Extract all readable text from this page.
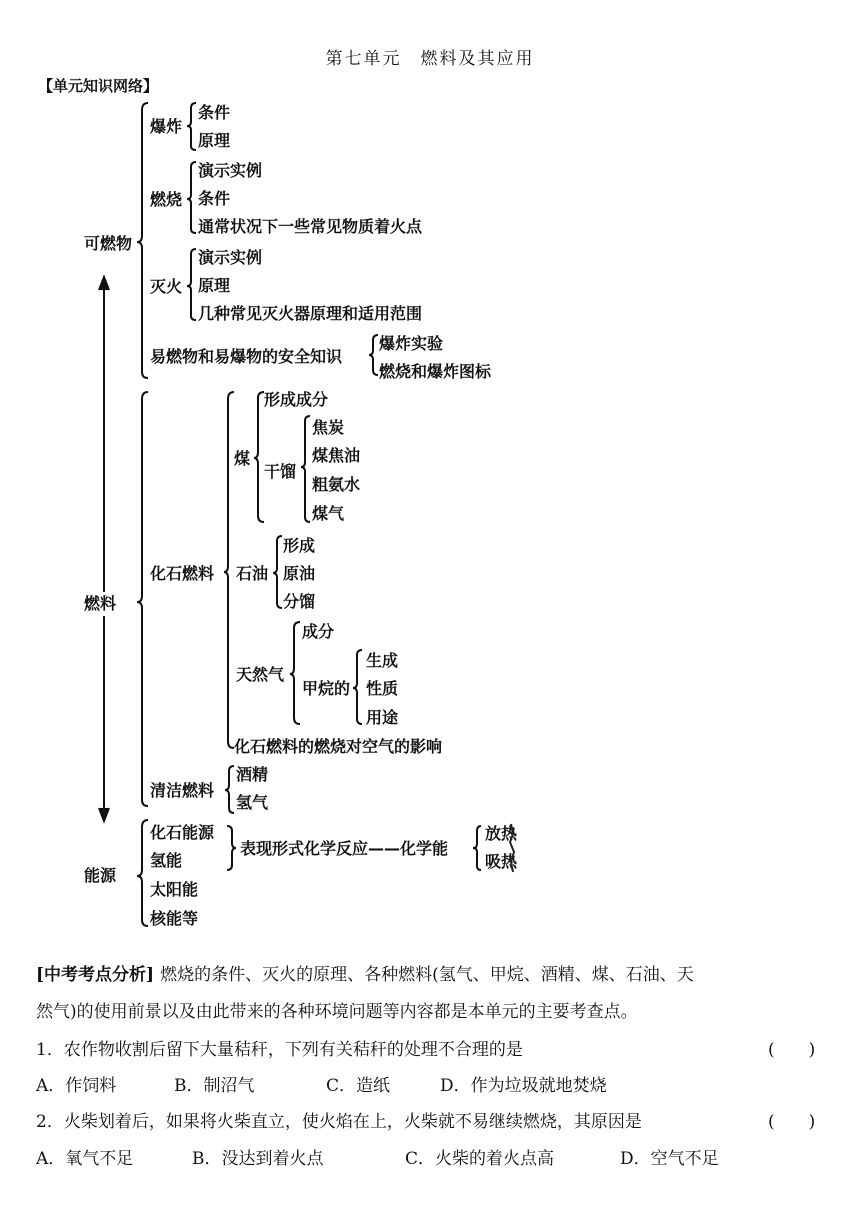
第七单元　燃料及其应用
【单元知识网络】
可燃物
爆炸
条件
原理
燃烧
演示实例
条件
通常状况下一些常见物质着火点
灭火
演示实例
原理
几种常见灭火器原理和适用范围
易燃物和易爆物的安全知识
爆炸实验
燃烧和爆炸图标
燃料
化石燃料
煤
形成成分
干馏
焦炭
煤焦油
粗氨水
煤气
石油
形成
原油
分馏
天然气
成分
甲烷的
生成
性质
用途
化石燃料的燃烧对空气的影响
清洁燃料
酒精
氢气
能源
化石能源
氢能
太阳能
核能等
表现形式化学反应——化学能
放热
吸热
[中考考点分析] 燃烧的条件、灭火的原理、各种燃料(氢气、甲烷、酒精、煤、石油、天
然气)的使用前景以及由此带来的各种环境问题等内容都是本单元的主要考查点。
1．农作物收割后留下大量秸秆，下列有关秸秆的处理不合理的是	(　　)
A．作饲料	B．制沼气	C．造纸	D．作为垃圾就地焚烧
2．火柴划着后，如果将火柴直立，使火焰在上，火柴就不易继续燃烧，其原因是	(　　)
A．氧气不足	B．没达到着火点	C．火柴的着火点高	D．空气不足
